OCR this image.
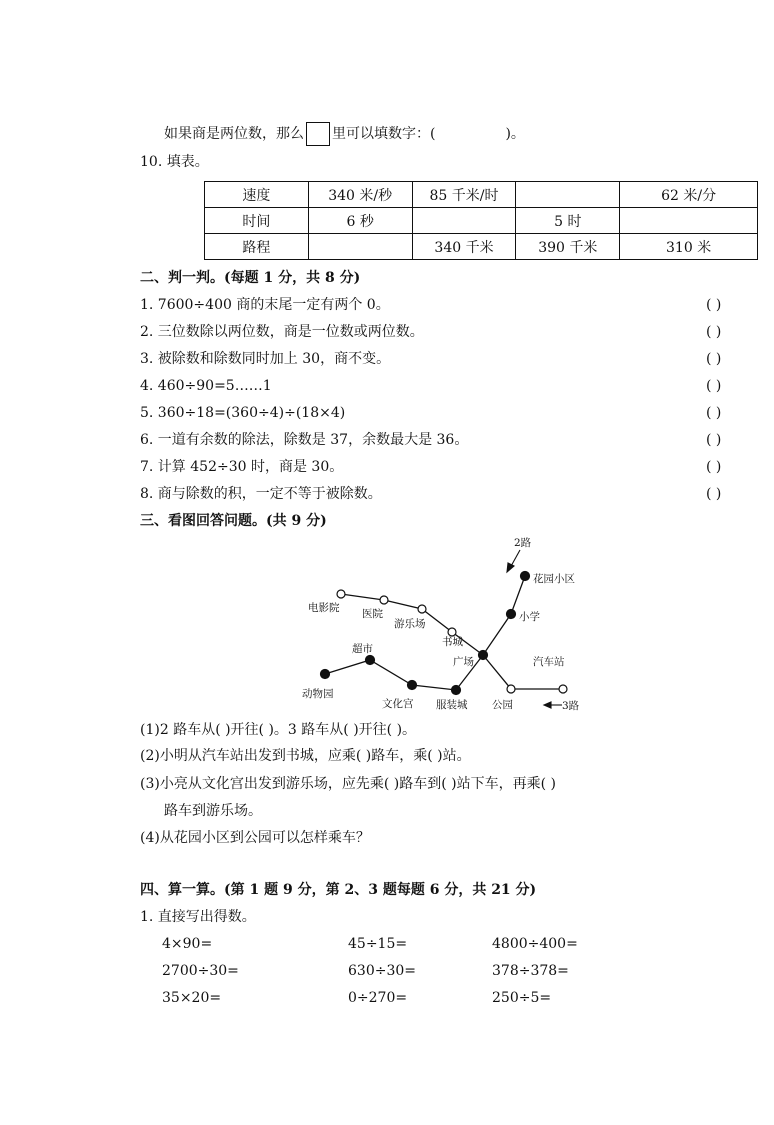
如果商是两位数，那么 里可以填数字：(	)。
10. 填表。
速度	340 米/秒	85 千米/时		62 米/分
时间	6 秒		5 时	
路程		340 千米	390 千米	310 米
二、判一判。(每题 1 分，共 8 分)
1. 7600÷400 商的末尾一定有两个 0。	( )
2. 三位数除以两位数，商是一位数或两位数。	( )
3. 被除数和除数同时加上 30，商不变。	( )
4. 460÷90=5……1	( )
5. 360÷18=(360÷4)÷(18×4)	( )
6. 一道有余数的除法，除数是 37，余数最大是 36。	( )
7. 计算 452÷30 时，商是 30。	( )
8. 商与除数的积，一定不等于被除数。	( )
三、看图回答问题。(共 9 分)
2路
花园小区
小学
电影院 医院
游乐场
书城
广场	汽车站
超市
动物园
文化宫 服装城 公园	3路
(1)2 路车从( )开往( )。3 路车从( )开往( )。
(2)小明从汽车站出发到书城，应乘( )路车，乘( )站。
(3)小亮从文化宫出发到游乐场，应先乘( )路车到( )站下车，再乘( )
路车到游乐场。
(4)从花园小区到公园可以怎样乘车？
四、算一算。(第 1 题 9 分，第 2、3 题每题 6 分，共 21 分)
1. 直接写出得数。
4×90=	45÷15=	4800÷400=
2700÷30=	630÷30=	378÷378=
35×20=	0÷270=	250÷5=
